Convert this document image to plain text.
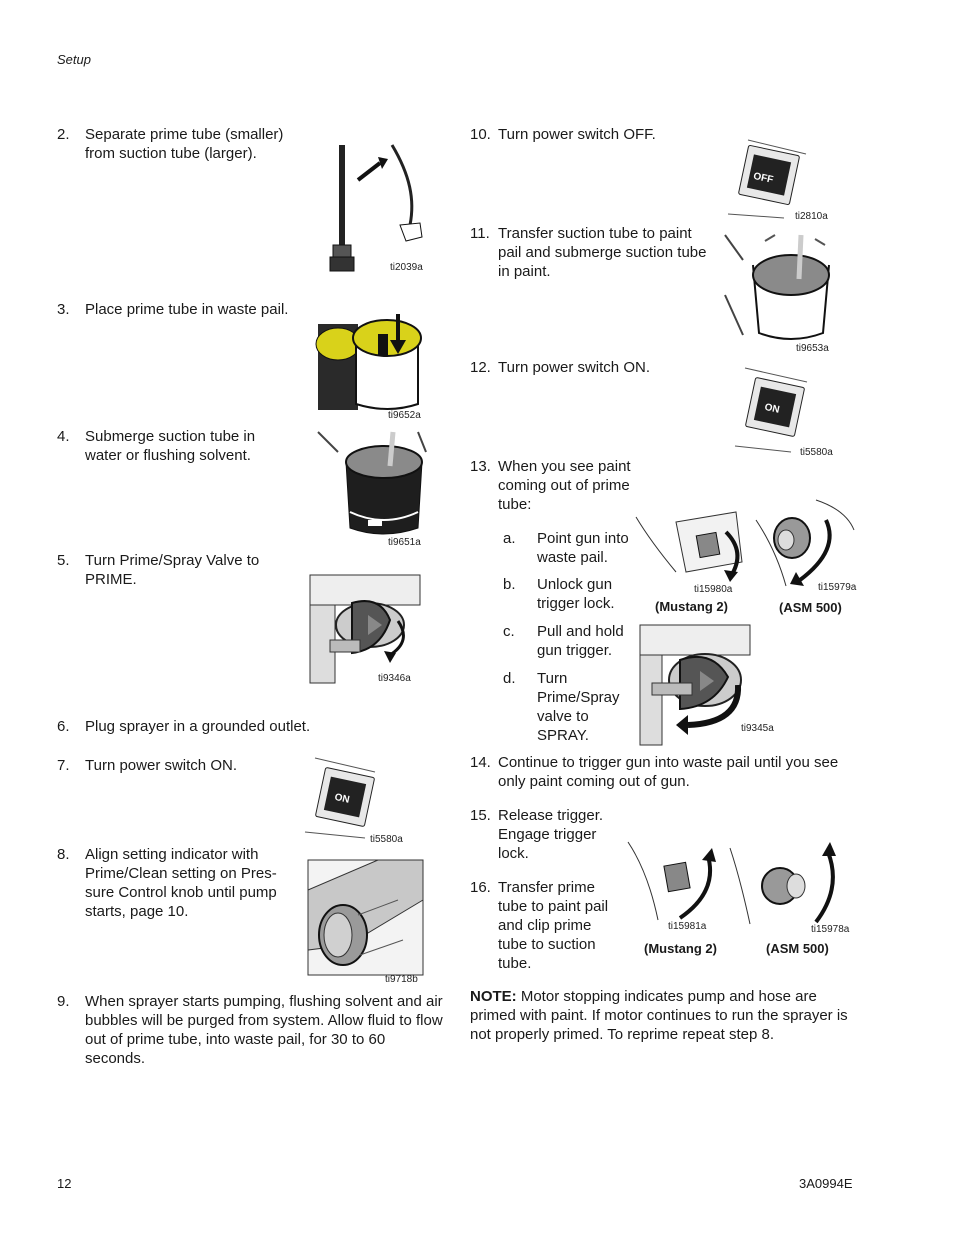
Setup
2. Separate prime tube (smaller) from suction tube (larger).
ti2039a
3. Place prime tube in waste pail.
ti9652a
4. Submerge suction tube in water or flushing solvent.
ti9651a
5. Turn Prime/Spray Valve to PRIME.
ti9346a
6. Plug sprayer in a grounded outlet.
7. Turn power switch ON.
ON
ti5580a
8. Align setting indicator with Prime/Clean setting on Pres-sure Control knob until pump starts, page 10.
ti9718b
9. When sprayer starts pumping, flushing solvent and air bubbles will be purged from system. Allow fluid to flow out of prime tube, into waste pail, for 30 to 60 seconds.
10. Turn power switch OFF.
OFF
ti2810a
11. Transfer suction tube to paint pail and submerge suction tube in paint.
ti9653a
12. Turn power switch ON.
ON
ti5580a
13. When you see paint coming out of prime tube:
a. Point gun into waste pail.
b. Unlock gun trigger lock.
c. Pull and hold gun trigger.
d. Turn Prime/Spray valve to SPRAY.
ti15980a
(Mustang 2)
ti15979a
(ASM 500)
ti9345a
14. Continue to trigger gun into waste pail until you see only paint coming out of gun.
15. Release trigger. Engage trigger lock.
16. Transfer prime tube to paint pail and clip prime tube to suction tube.
ti15981a
(Mustang 2)
ti15978a
(ASM 500)
NOTE: Motor stopping indicates pump and hose are primed with paint. If motor continues to run the sprayer is not properly primed. To reprime repeat step 8.
12	3A0994E
